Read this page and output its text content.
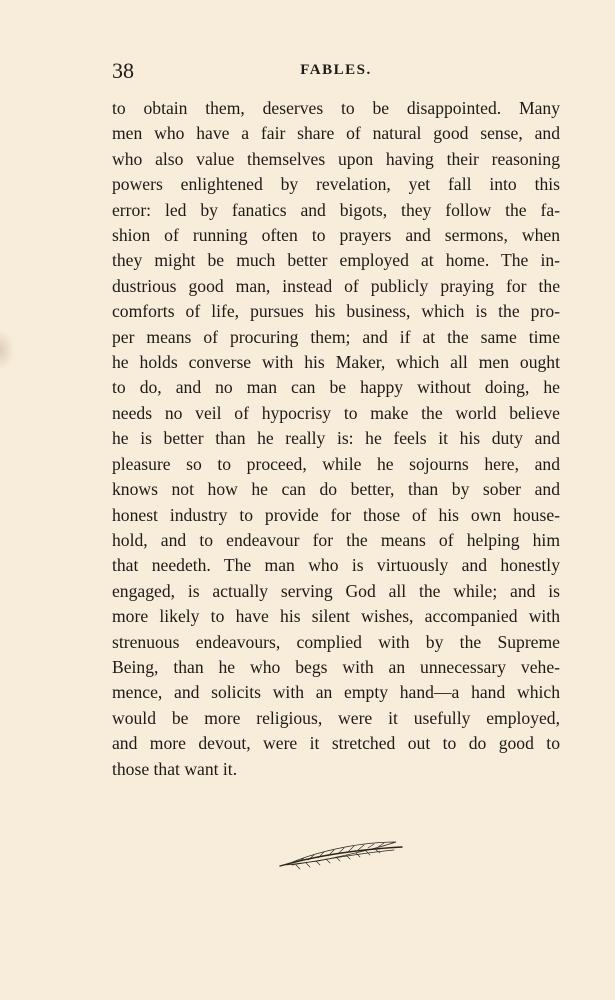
38	FABLES.

to obtain them, deserves to be disappointed. Many
men who have a fair share of natural good sense, and
who also value themselves upon having their reasoning
powers enlightened by revelation, yet fall into this
error: led by fanatics and bigots, they follow the fa-
shion of running often to prayers and sermons, when
they might be much better employed at home. The in-
dustrious good man, instead of publicly praying for the
comforts of life, pursues his business, which is the pro-
per means of procuring them; and if at the same time
he holds converse with his Maker, which all men ought
to do, and no man can be happy without doing, he
needs no veil of hypocrisy to make the world believe
he is better than he really is: he feels it his duty and
pleasure so to proceed, while he sojourns here, and
knows not how he can do better, than by sober and
honest industry to provide for those of his own house-
hold, and to endeavour for the means of helping him
that needeth. The man who is virtuously and honestly
engaged, is actually serving God all the while; and is
more likely to have his silent wishes, accompanied with
strenuous endeavours, complied with by the Supreme
Being, than he who begs with an unnecessary vehe-
mence, and solicits with an empty hand—a hand which
would be more religious, were it usefully employed,
and more devout, were it stretched out to do good to
those that want it.
